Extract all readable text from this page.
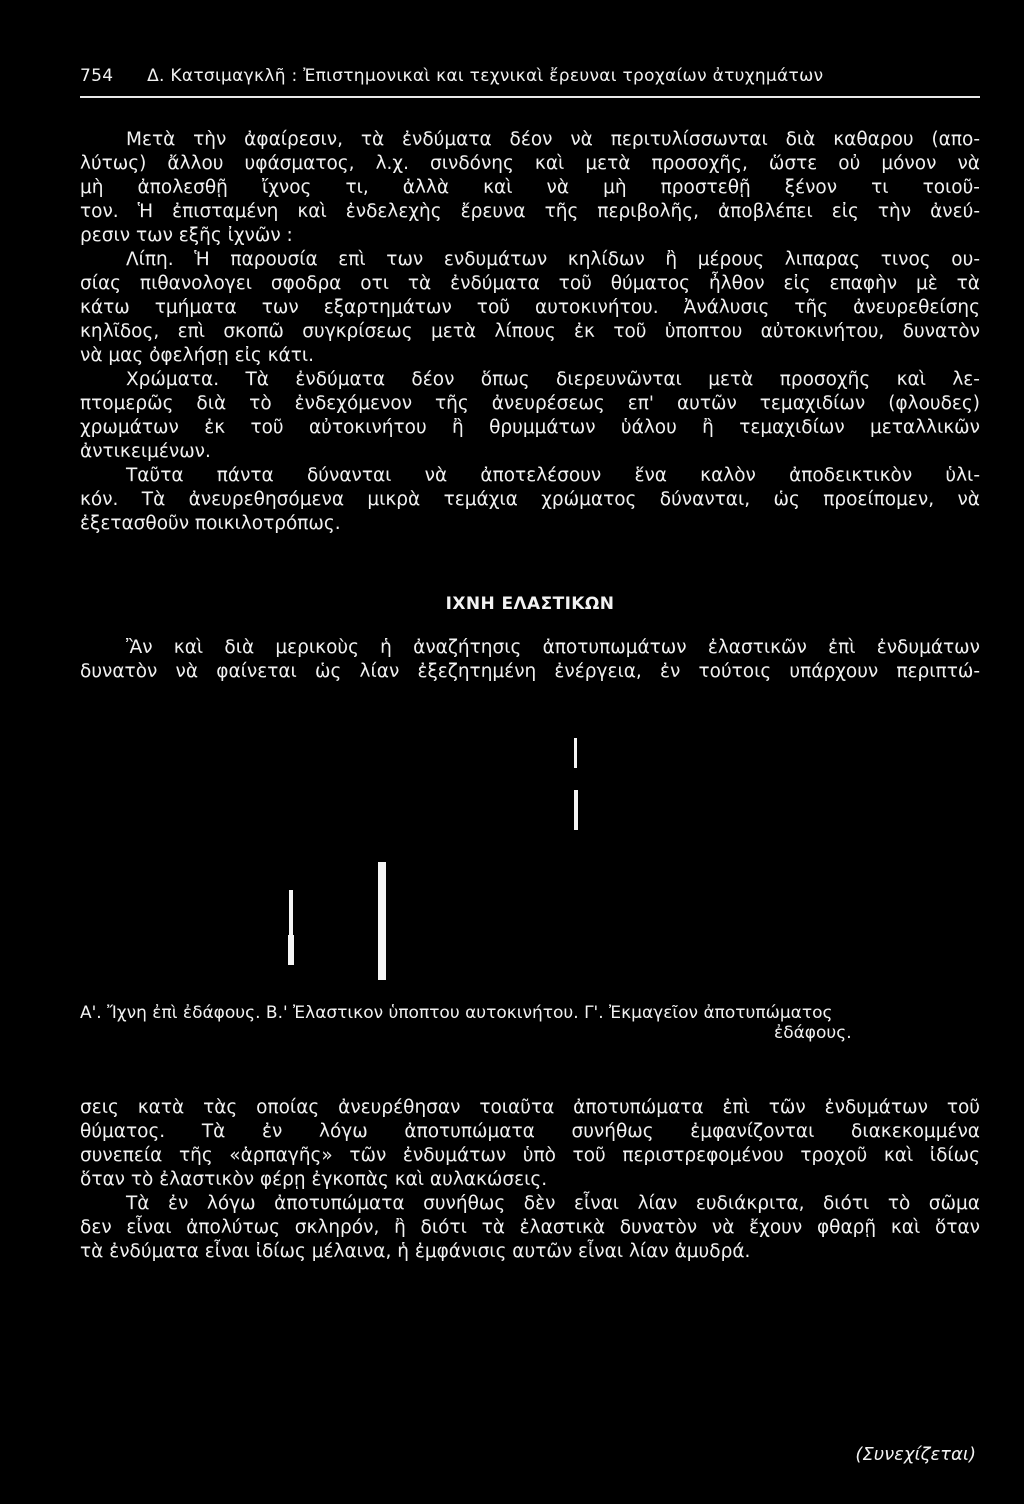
754 Δ. Κατσιμαγκλῆ : Ἐπιστημονικαὶ και τεχνικαὶ ἔρευναι τροχαίων ἀτυχημάτων
Μετὰ τὴν ἀφαίρεσιν, τὰ ἐνδύματα δέον νὰ περιτυλίσσωνται διὰ καθαρου (απο-
λύτως) ἄλλου υφάσματος, λ.χ. σινδόνης καὶ μετὰ προσοχῆς, ὥστε οὐ μόνον νὰ
μὴ ἀπολεσθῇ ἴχνος τι, ἀλλὰ καὶ νὰ μὴ προστεθῇ ξένον τι τοιοῦ-
τον. Ἡ ἐπισταμένη καὶ ἐνδελεχὴς ἔρευνα τῆς περιβολῆς, ἀποβλέπει εἰς τὴν ἀνεύ-
ρεσιν των εξῆς ἰχνῶν :
Λίπη. Ἡ παρουσία επὶ των ενδυμάτων κηλίδων ἢ μέρους λιπαρας τινος ου-
σίας πιθανολογει σφοδρα οτι τὰ ἐνδύματα τοῦ θύματος ἦλθον εἰς επαφὴν μὲ τὰ
κάτω τμήματα των εξαρτημάτων τοῦ αυτοκινήτου. Ἀνάλυσις τῆς ἀνευρεθείσης
κηλῖδος, επὶ σκοπῶ συγκρίσεως μετὰ λίπους ἐκ τοῦ ὑποπτου αὐτοκινήτου, δυνατὸν
νὰ μας ὀφελήσῃ εἰς κάτι.
Χρώματα. Τὰ ἐνδύματα δέον ὅπως διερευνῶνται μετὰ προσοχῆς καὶ λε-
πτομερῶς διὰ τὸ ἐνδεχόμενον τῆς ἀνευρέσεως επ' αυτῶν τεμαχιδίων (φλουδες)
χρωμάτων ἐκ τοῦ αὐτοκινήτου ἢ θρυμμάτων ὑάλου ἢ τεμαχιδίων μεταλλικῶν
ἀντικειμένων.
Ταῦτα πάντα δύνανται νὰ ἀποτελέσουν ἕνα καλὸν ἀποδεικτικὸν ὑλι-
κόν. Τὰ ἀνευρεθησόμενα μικρὰ τεμάχια χρώματος δύνανται, ὡς προείπομεν, νὰ
ἐξετασθοῦν ποικιλοτρόπως.
ΙΧΝΗ ΕΛΑΣΤΙΚΩΝ
Ἂν καὶ διὰ μερικοὺς ἡ ἀναζήτησις ἀποτυπωμάτων ἐλαστικῶν ἐπὶ ἐνδυμάτων
δυνατὸν νὰ φαίνεται ὡς λίαν ἐξεζητημένη ἐνέργεια, ἐν τούτοις υπάρχουν περιπτώ-
Α'. Ἴχνη ἐπὶ ἐδάφους. Β.' Ἐλαστικον ὑποπτου αυτοκινήτου. Γ'. Ἐκμαγεῖον ἀποτυπώματος
ἐδάφους.
σεις κατὰ τὰς οποίας ἀνευρέθησαν τοιαῦτα ἀποτυπώματα ἐπὶ τῶν ἐνδυμάτων τοῦ
θύματος. Τὰ ἐν λόγω ἀποτυπώματα συνήθως ἐμφανίζονται διακεκομμένα
συνεπεία τῆς «ἁρπαγῆς» τῶν ἐνδυμάτων ὑπὸ τοῦ περιστρεφομένου τροχοῦ καὶ ἰδίως
ὅταν τὸ ἐλαστικὸν φέρῃ ἐγκοπὰς καὶ αυλακώσεις.
Τὰ ἐν λόγω ἀποτυπώματα συνήθως δὲν εἶναι λίαν ευδιάκριτα, διότι τὸ σῶμα
δεν εἶναι ἀπολύτως σκληρόν, ἢ διότι τὰ ἐλαστικὰ δυνατὸν νὰ ἔχουν φθαρῇ καὶ ὅταν
τὰ ἐνδύματα εἶναι ἰδίως μέλαινα, ἡ ἐμφάνισις αυτῶν εἶναι λίαν ἀμυδρά.
(Συνεχίζεται)
